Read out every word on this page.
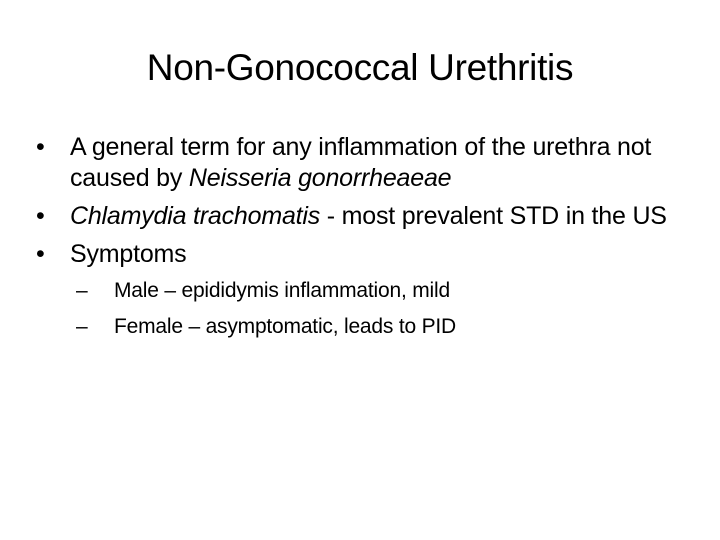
Non-Gonococcal Urethritis
•	A general term for any inflammation of the urethra not caused by Neisseria gonorrheaeae
•	Chlamydia trachomatis - most prevalent STD in the US
•	Symptoms
– Male – epididymis inflammation, mild
– Female – asymptomatic, leads to PID
